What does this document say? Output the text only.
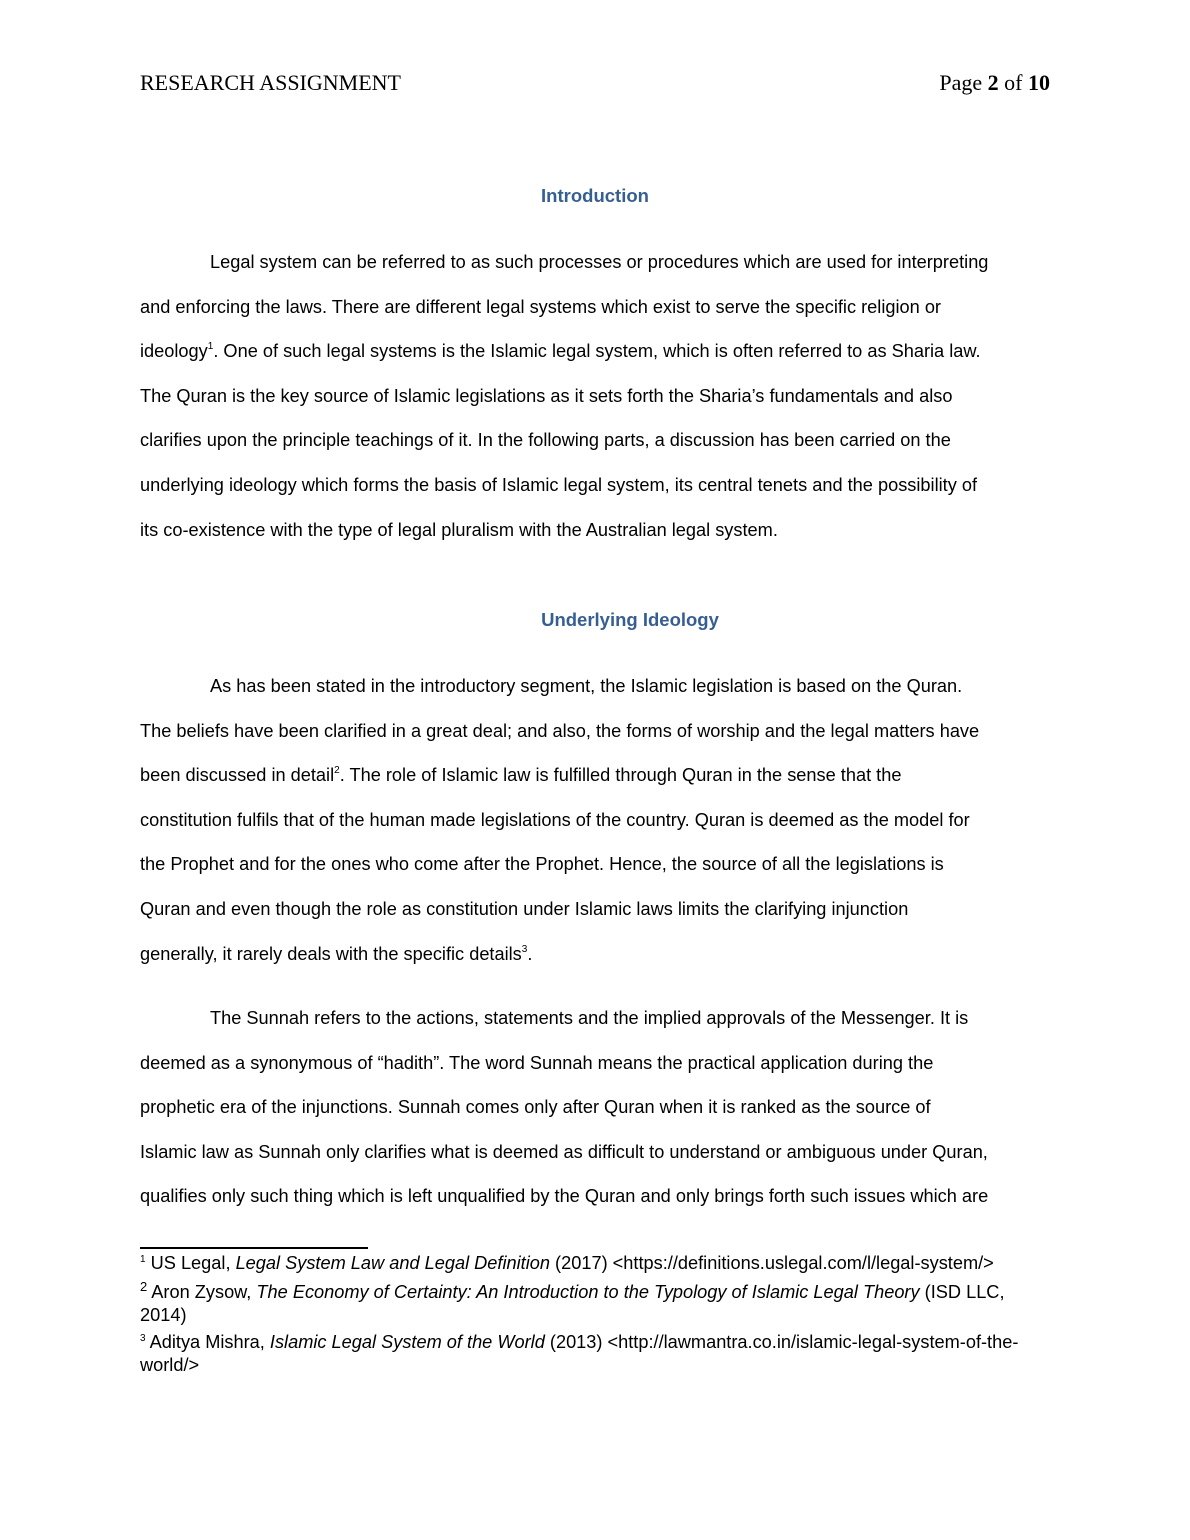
RESEARCH ASSIGNMENT	Page 2 of 10
Introduction
Legal system can be referred to as such processes or procedures which are used for interpreting
and enforcing the laws. There are different legal systems which exist to serve the specific religion or
ideology$^1$. One of such legal systems is the Islamic legal system, which is often referred to as Sharia law.
The Quran is the key source of Islamic legislations as it sets forth the Sharia’s fundamentals and also
clarifies upon the principle teachings of it. In the following parts, a discussion has been carried on the
underlying ideology which forms the basis of Islamic legal system, its central tenets and the possibility of
its co-existence with the type of legal pluralism with the Australian legal system.
Underlying Ideology
As has been stated in the introductory segment, the Islamic legislation is based on the Quran.
The beliefs have been clarified in a great deal; and also, the forms of worship and the legal matters have
been discussed in detail$^2$. The role of Islamic law is fulfilled through Quran in the sense that the
constitution fulfils that of the human made legislations of the country. Quran is deemed as the model for
the Prophet and for the ones who come after the Prophet. Hence, the source of all the legislations is
Quran and even though the role as constitution under Islamic laws limits the clarifying injunction
generally, it rarely deals with the specific details$^3$.
The Sunnah refers to the actions, statements and the implied approvals of the Messenger. It is
deemed as a synonymous of “hadith”. The word Sunnah means the practical application during the
prophetic era of the injunctions. Sunnah comes only after Quran when it is ranked as the source of
Islamic law as Sunnah only clarifies what is deemed as difficult to understand or ambiguous under Quran,
qualifies only such thing which is left unqualified by the Quran and only brings forth such issues which are

$^1$ US Legal, Legal System Law and Legal Definition (2017) <https://definitions.uslegal.com/l/legal-system/>

$^2$ Aron Zysow, The Economy of Certainty: An Introduction to the Typology of Islamic Legal Theory (ISD LLC, 2014)

$^3$ Aditya Mishra, Islamic Legal System of the World (2013) <http://lawmantra.co.in/islamic-legal-system-of-the-world/>
